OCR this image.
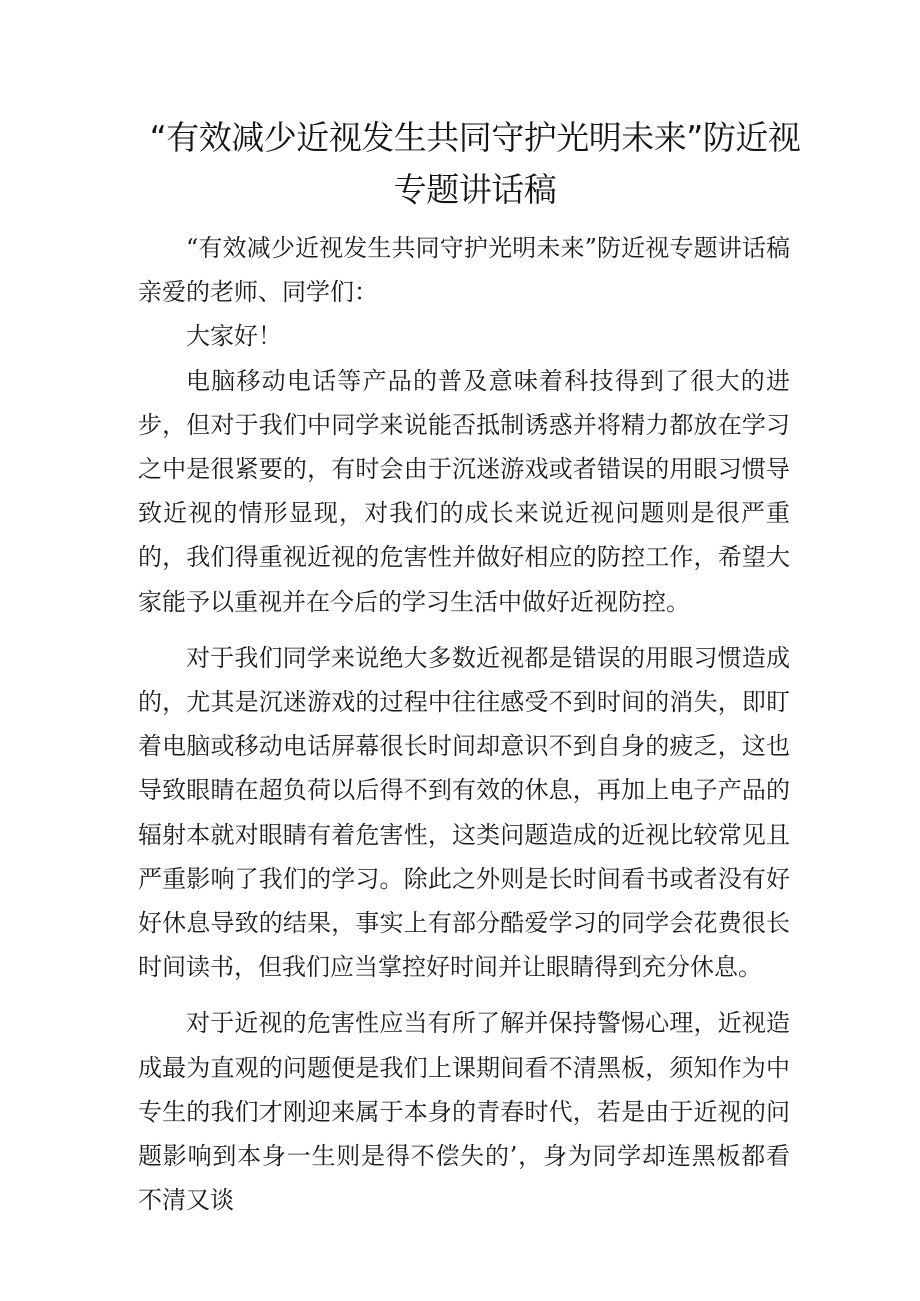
“有效减少近视发生共同守护光明未来”防近视专题讲话稿

“有效减少近视发生共同守护光明未来”防近视专题讲话稿亲爱的老师、同学们：

大家好！

电脑移动电话等产品的普及意味着科技得到了很大的进步，但对于我们中同学来说能否抵制诱惑并将精力都放在学习之中是很紧要的，有时会由于沉迷游戏或者错误的用眼习惯导致近视的情形显现，对我们的成长来说近视问题则是很严重的，我们得重视近视的危害性并做好相应的防控工作，希望大家能予以重视并在今后的学习生活中做好近视防控。

对于我们同学来说绝大多数近视都是错误的用眼习惯造成的，尤其是沉迷游戏的过程中往往感受不到时间的消失，即盯着电脑或移动电话屏幕很长时间却意识不到自身的疲乏，这也导致眼睛在超负荷以后得不到有效的休息，再加上电子产品的辐射本就对眼睛有着危害性，这类问题造成的近视比较常见且严重影响了我们的学习。除此之外则是长时间看书或者没有好好休息导致的结果，事实上有部分酷爱学习的同学会花费很长时间读书，但我们应当掌控好时间并让眼睛得到充分休息。

对于近视的危害性应当有所了解并保持警惕心理，近视造成最为直观的问题便是我们上课期间看不清黑板，须知作为中专生的我们才刚迎来属于本身的青春时代，若是由于近视的问题影响到本身一生则是得不偿失的’，身为同学却连黑板都看不清又谈
